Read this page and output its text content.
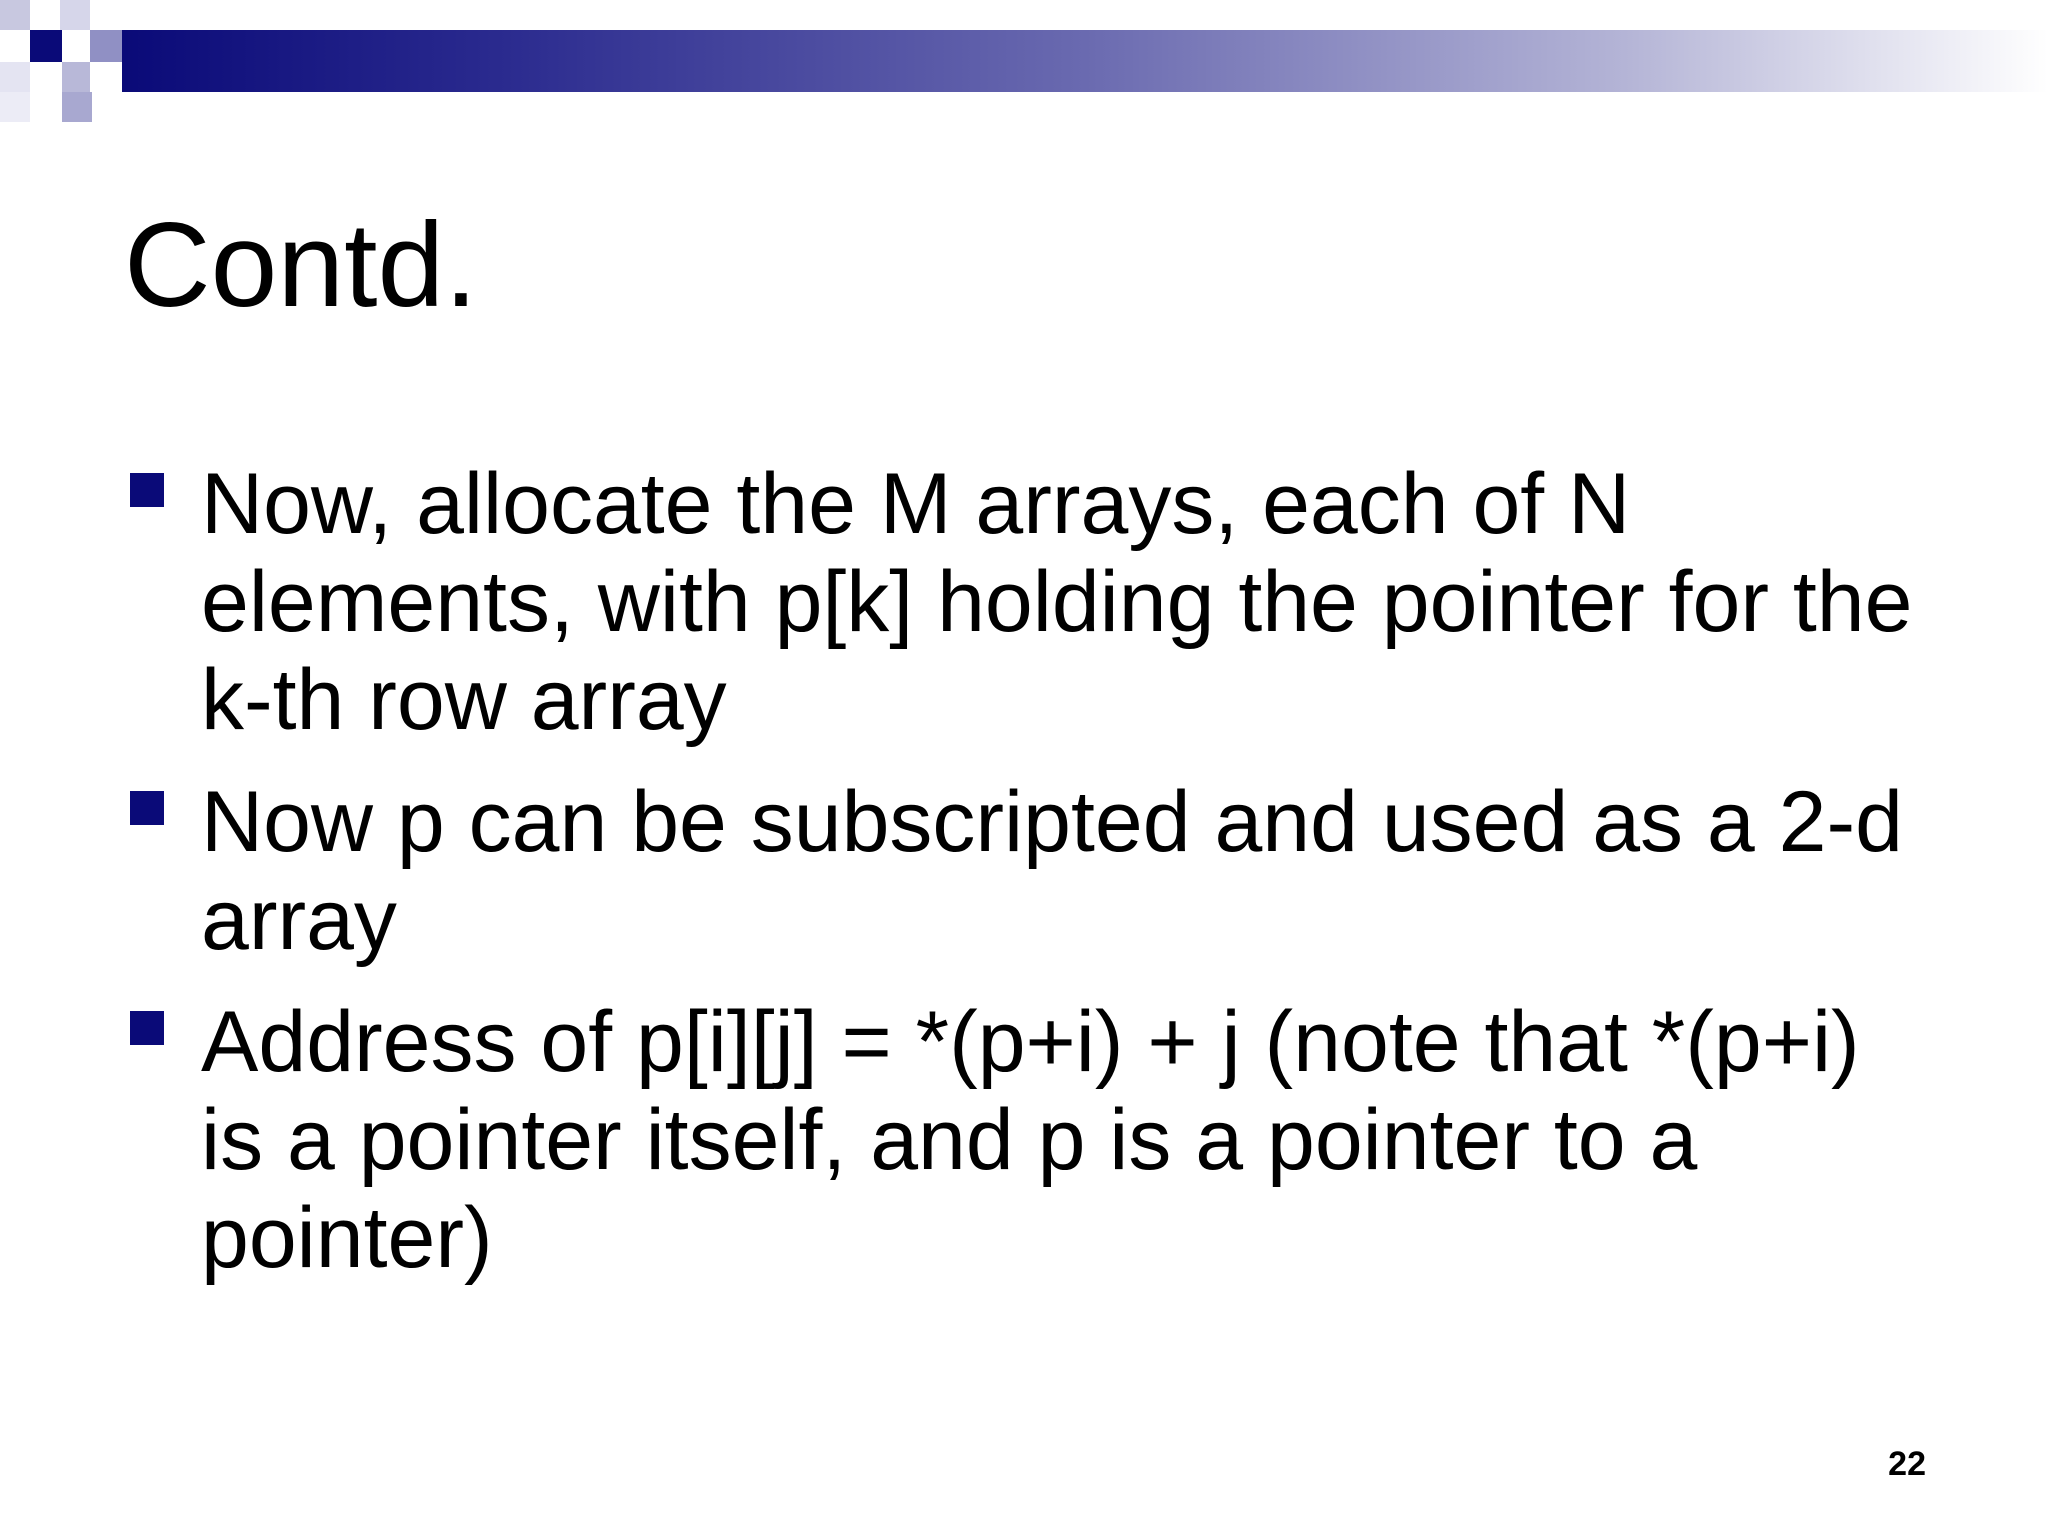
Contd.
Now, allocate the M arrays, each of N elements, with p[k] holding the pointer for the k-th row array
Now p can be subscripted and used as a 2-d array
Address of p[i][j] = *(p+i) + j (note that *(p+i) is a pointer itself, and p is a pointer to a pointer)
22
